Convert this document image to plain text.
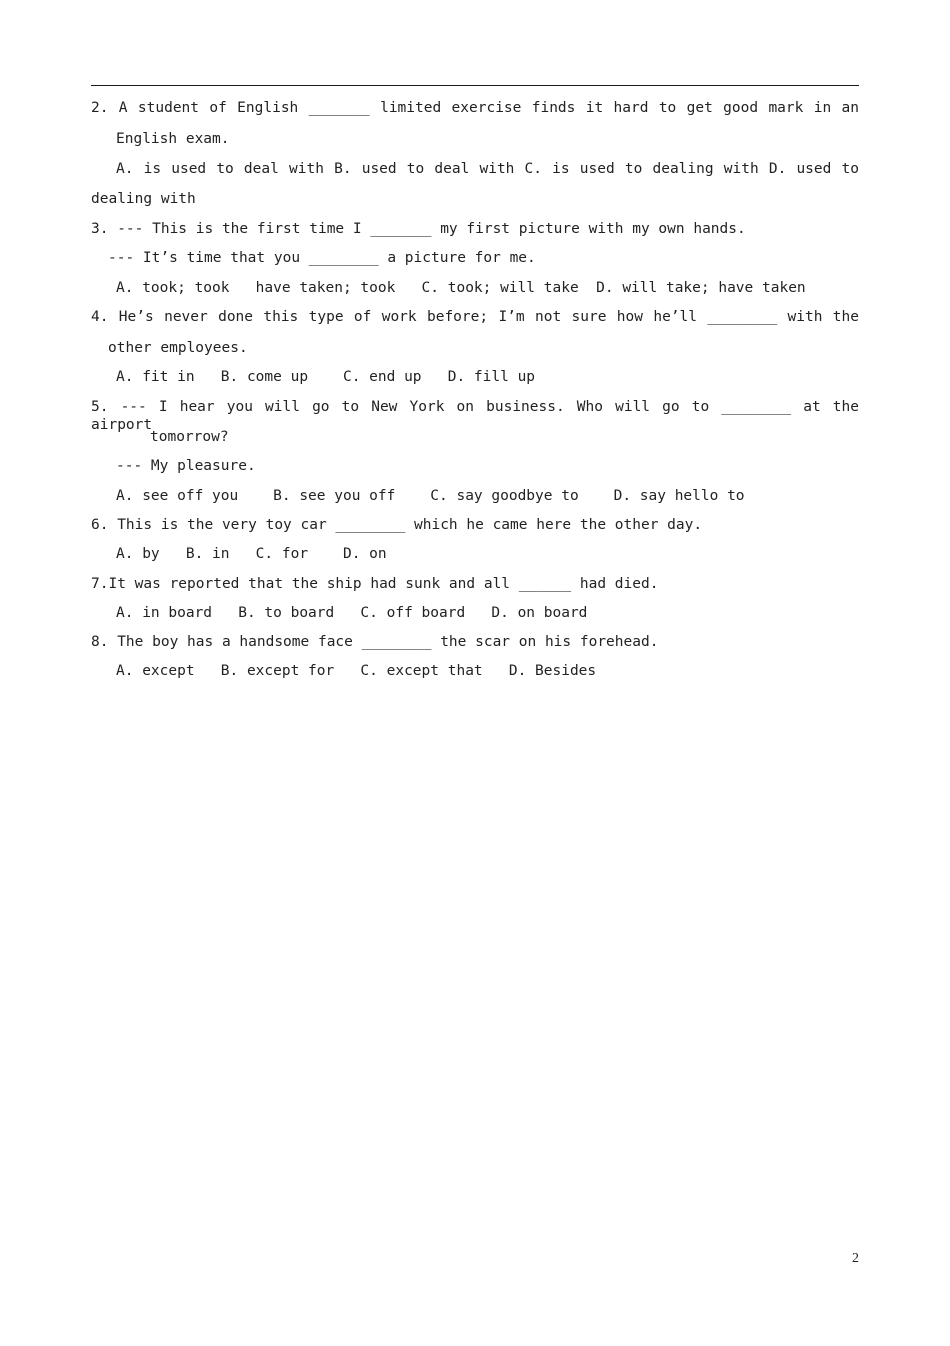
2. A student of English _______ limited exercise finds it hard to get good mark in an
English exam.
A. is used to deal with B. used to deal with C. is used to dealing with D. used to
dealing with
3. --- This is the first time I _______ my first picture with my own hands.
--- It’s time that you ________ a picture for me.
A. took; took   have taken; took   C. took; will take  D. will take; have taken
4. He’s never done this type of work before; I’m not sure how he’ll ________ with the
other employees.
A. fit in   B. come up    C. end up   D. fill up
5. --- I hear you will go to New York on business. Who will go to ________ at the airport
tomorrow?
--- My pleasure.
A. see off you    B. see you off    C. say goodbye to    D. say hello to
6. This is the very toy car ________ which he came here the other day.
A. by   B. in   C. for    D. on
7.It was reported that the ship had sunk and all ______ had died.
A. in board   B. to board   C. off board   D. on board
8. The boy has a handsome face ________ the scar on his forehead.
A. except   B. except for   C. except that   D. Besides
2
